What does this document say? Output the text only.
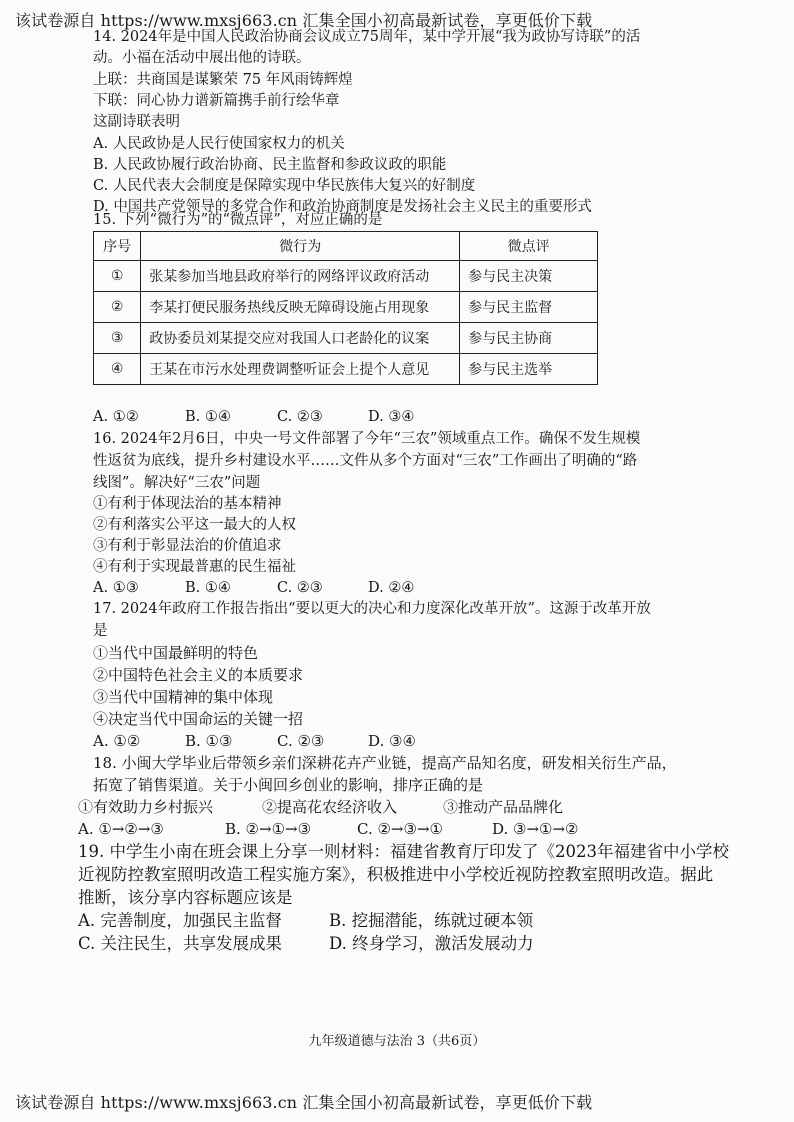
该试卷源自 https://www.mxsj663.cn 汇集全国小初高最新试卷，享更低价下载
14. 2024年是中国人民政治协商会议成立75周年，某中学开展“我为政协写诗联”的活
动。小福在活动中展出他的诗联。
上联：共商国是谋繁荣 75 年风雨铸辉煌
下联：同心协力谱新篇携手前行绘华章
这副诗联表明
A. 人民政协是人民行使国家权力的机关
B. 人民政协履行政治协商、民主监督和参政议政的职能
C. 人民代表大会制度是保障实现中华民族伟大复兴的好制度
D. 中国共产党领导的多党合作和政治协商制度是发扬社会主义民主的重要形式
15. 下列“微行为”的“微点评”，对应正确的是
序号	微行为	微点评
①	张某参加当地县政府举行的网络评议政府活动	参与民主决策
②	李某打便民服务热线反映无障碍设施占用现象	参与民主监督
③	政协委员刘某提交应对我国人口老龄化的议案	参与民主协商
④	王某在市污水处理费调整听证会上提个人意见	参与民主选举
A. ①②	B. ①④	C. ②③	D. ③④
16. 2024年2月6日，中央一号文件部署了今年“三农”领域重点工作。确保不发生规模
性返贫为底线，提升乡村建设水平……文件从多个方面对“三农”工作画出了明确的“路
线图”。解决好“三农”问题
①有利于体现法治的基本精神
②有利落实公平这一最大的人权
③有利于彰显法治的价值追求
④有利于实现最普惠的民生福祉
A. ①③	B. ①④	C. ②③	D. ②④
17. 2024年政府工作报告指出“要以更大的决心和力度深化改革开放”。这源于改革开放
是
①当代中国最鲜明的特色
②中国特色社会主义的本质要求
③当代中国精神的集中体现
④决定当代中国命运的关键一招
A. ①②	B. ①③	C. ②③	D. ③④
18. 小闽大学毕业后带领乡亲们深耕花卉产业链，提高产品知名度，研发相关衍生产品，
拓宽了销售渠道。关于小闽回乡创业的影响，排序正确的是
①有效助力乡村振兴	②提高花农经济收入	③推动产品品牌化
A. ①→②→③	B. ②→①→③	C. ②→③→①	D. ③→①→②
19. 中学生小南在班会课上分享一则材料：福建省教育厅印发了《2023年福建省中小学校
近视防控教室照明改造工程实施方案》，积极推进中小学校近视防控教室照明改造。据此
推断，该分享内容标题应该是
A. 完善制度，加强民主监督	B. 挖掘潜能，练就过硬本领
C. 关注民生，共享发展成果	D. 终身学习，激活发展动力
九年级道德与法治 3（共6页）
该试卷源自 https://www.mxsj663.cn 汇集全国小初高最新试卷，享更低价下载
